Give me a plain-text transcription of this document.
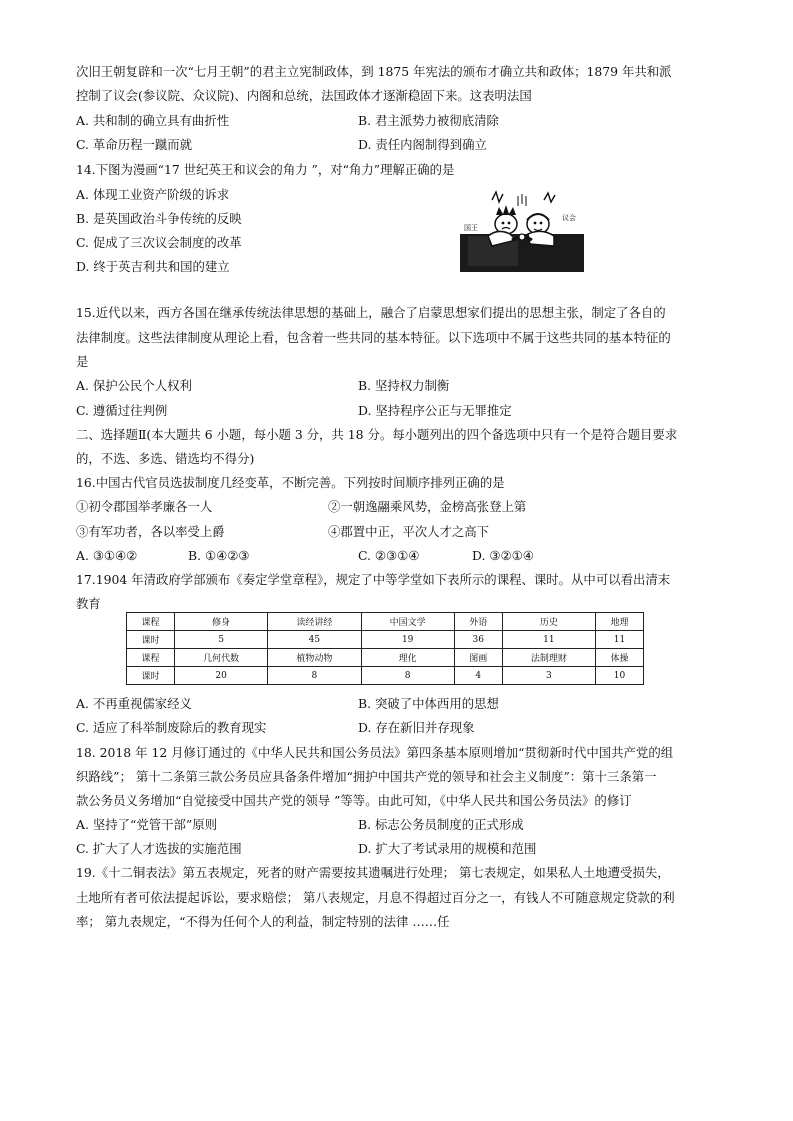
次旧王朝复辟和一次“七月王朝”的君主立宪制政体，到 1875 年宪法的颁布才确立共和政体；1879 年共和派
控制了议会(参议院、众议院)、内阁和总统，法国政体才逐渐稳固下来。这表明法国
A. 共和制的确立具有曲折性	B. 君主派势力被彻底清除
C. 革命历程一蹴而就	D. 责任内阁制得到确立
14.下图为漫画“17 世纪英王和议会的角力 ”，对“角力”理解正确的是
A. 体现工业资产阶级的诉求
B. 是英国政治斗争传统的反映
C. 促成了三次议会制度的改革
D. 终于英吉利共和国的建立
国王
议会
15.近代以来，西方各国在继承传统法律思想的基础上，融合了启蒙思想家们提出的思想主张，制定了各自的
法律制度。这些法律制度从理论上看，包含着一些共同的基本特征。以下选项中不属于这些共同的基本特征的
是
A. 保护公民个人权利	B. 坚持权力制衡
C. 遵循过往判例	D. 坚持程序公正与无罪推定
二、选择题Ⅱ(本大题共 6 小题，每小题 3 分，共 18 分。每小题列出的四个备选项中只有一个是符合题目要求
的，不选、多选、错选均不得分)
16.中国古代官员选拔制度几经变革，不断完善。下列按时间顺序排列正确的是
①初令郡国举孝廉各一人	②一朝逸翮乘风势，金榜高张登上第
③有军功者，各以率受上爵	④郡置中正，平次人才之高下
A. ③①④②	B. ①④②③	C. ②③①④	D. ③②①④
17.1904 年清政府学部颁布《奏定学堂章程》，规定了中等学堂如下表所示的课程、课时。从中可以看出清末
教育
课程	修身	读经讲经	中国文学	外语	历史	地理
课时	5	45	19	36	11	11
课程	几何代数	植物动物	理化	图画	法制理财	体操
课时	20	8	8	4	3	10
A. 不再重视儒家经义	B. 突破了中体西用的思想
C. 适应了科举制废除后的教育现实	D. 存在新旧并存现象
18. 2018 年 12 月修订通过的《中华人民共和国公务员法》第四条基本原则增加“贯彻新时代中国共产党的组
织路线”； 第十二条第三款公务员应具备条件增加“拥护中国共产党的领导和社会主义制度”：第十三条第一
款公务员义务增加“自觉接受中国共产党的领导 ”等等。由此可知，《中华人民共和国公务员法》的修订
A. 坚持了“党管干部”原则	B. 标志公务员制度的正式形成
C. 扩大了人才选拔的实施范围	D. 扩大了考试录用的规模和范围
19.《十二铜表法》第五表规定，死者的财产需要按其遗嘱进行处理； 第七表规定，如果私人土地遭受损失，
土地所有者可依法提起诉讼，要求赔偿； 第八表规定，月息不得超过百分之一，有钱人不可随意规定贷款的利
率； 第九表规定，“不得为任何个人的利益，制定特别的法律 ……任
